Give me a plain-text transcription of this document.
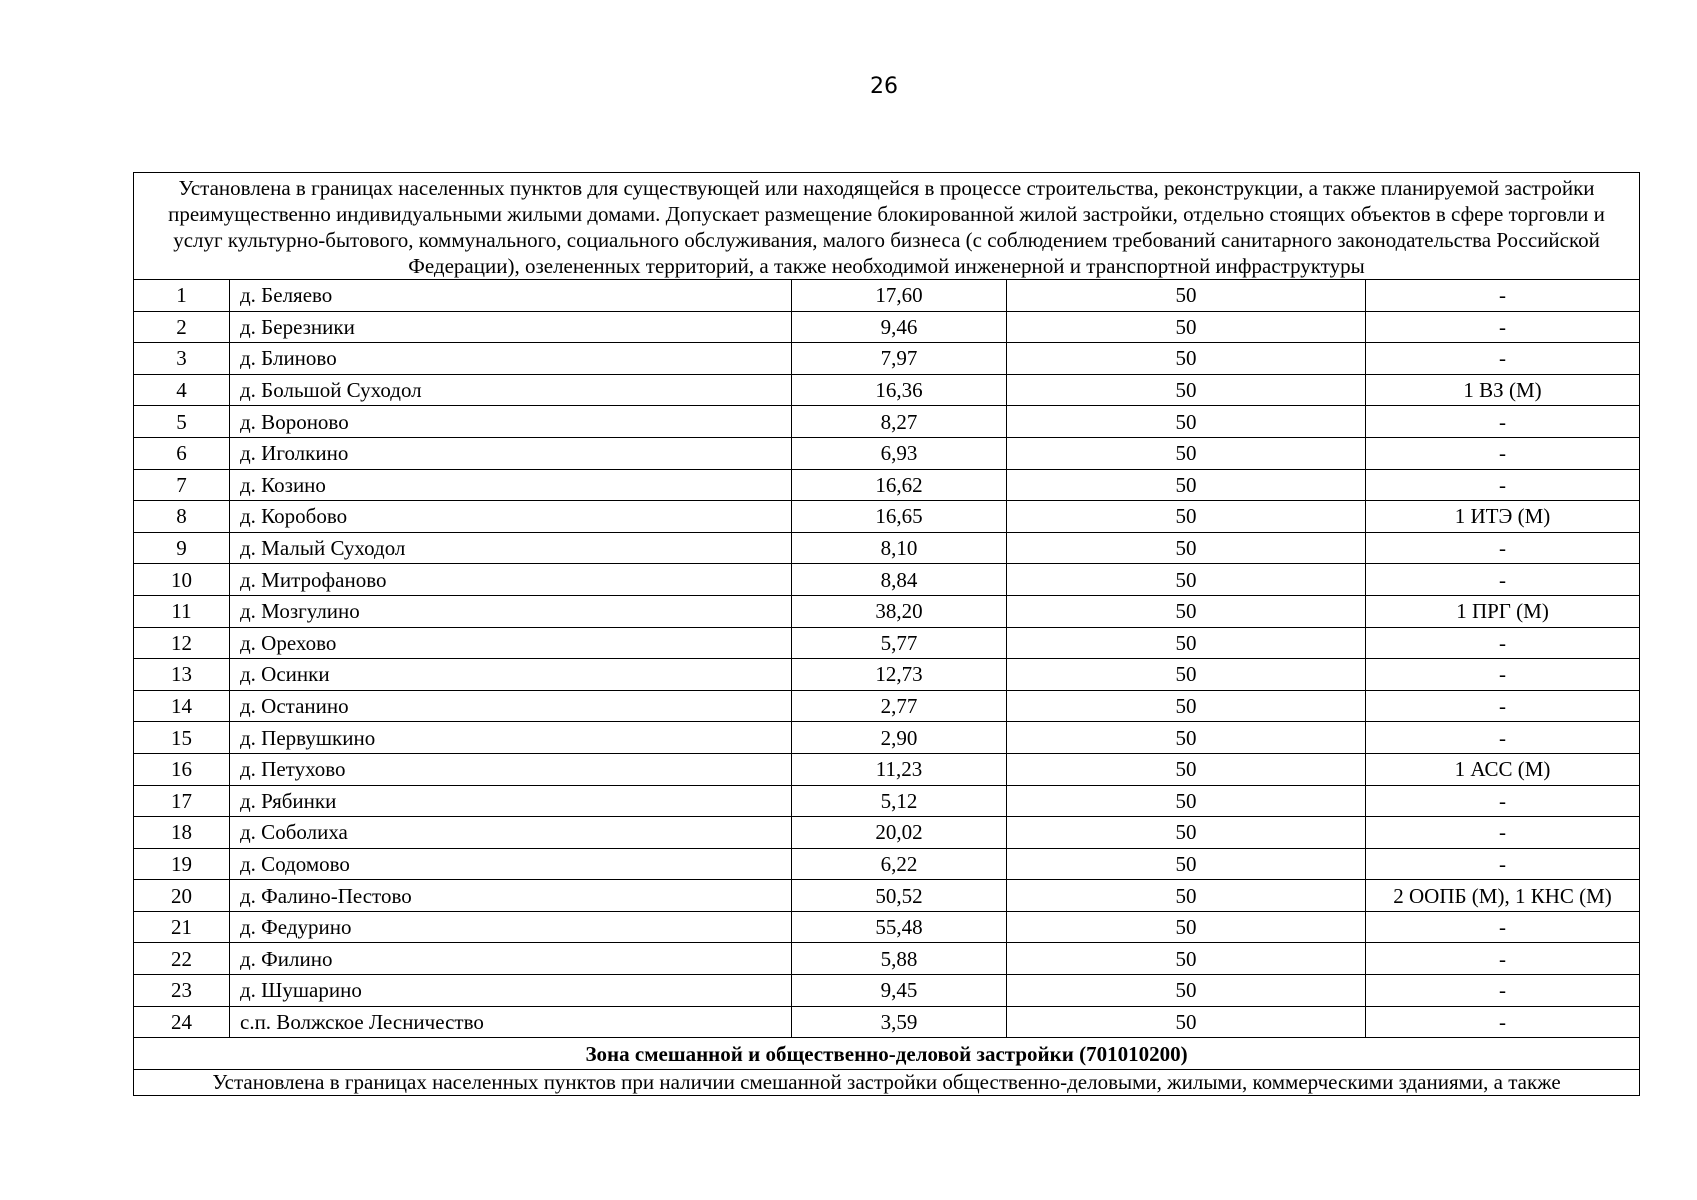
26
Установлена в границах населенных пунктов для существующей или находящейся в процессе строительства, реконструкции, а также планируемой застройки преимущественно индивидуальными жилыми домами. Допускает размещение блокированной жилой застройки, отдельно стоящих объектов в сфере торговли и услуг культурно-бытового, коммунального, социального обслуживания, малого бизнеса (с соблюдением требований санитарного законодательства Российской Федерации), озелененных территорий, а также необходимой инженерной и транспортной инфраструктуры				
1	д. Беляево	17,60	50	-
2	д. Березники	9,46	50	-
3	д. Блиново	7,97	50	-
4	д. Большой Суходол	16,36	50	1 ВЗ (М)
5	д. Вороново	8,27	50	-
6	д. Иголкино	6,93	50	-
7	д. Козино	16,62	50	-
8	д. Коробово	16,65	50	1 ИТЭ (М)
9	д. Малый Суходол	8,10	50	-
10	д. Митрофаново	8,84	50	-
11	д. Мозгулино	38,20	50	1 ПРГ (М)
12	д. Орехово	5,77	50	-
13	д. Осинки	12,73	50	-
14	д. Останино	2,77	50	-
15	д. Первушкино	2,90	50	-
16	д. Петухово	11,23	50	1 АСС (М)
17	д. Рябинки	5,12	50	-
18	д. Соболиха	20,02	50	-
19	д. Содомово	6,22	50	-
20	д. Фалино-Пестово	50,52	50	2 ООПБ (М), 1 КНС (М)
21	д. Федурино	55,48	50	-
22	д. Филино	5,88	50	-
23	д. Шушарино	9,45	50	-
24	с.п. Волжское Лесничество	3,59	50	-
Зона смешанной и общественно-деловой застройки (701010200)				
Установлена в границах населенных пунктов при наличии смешанной застройки общественно-деловыми, жилыми, коммерческими зданиями, а также				
